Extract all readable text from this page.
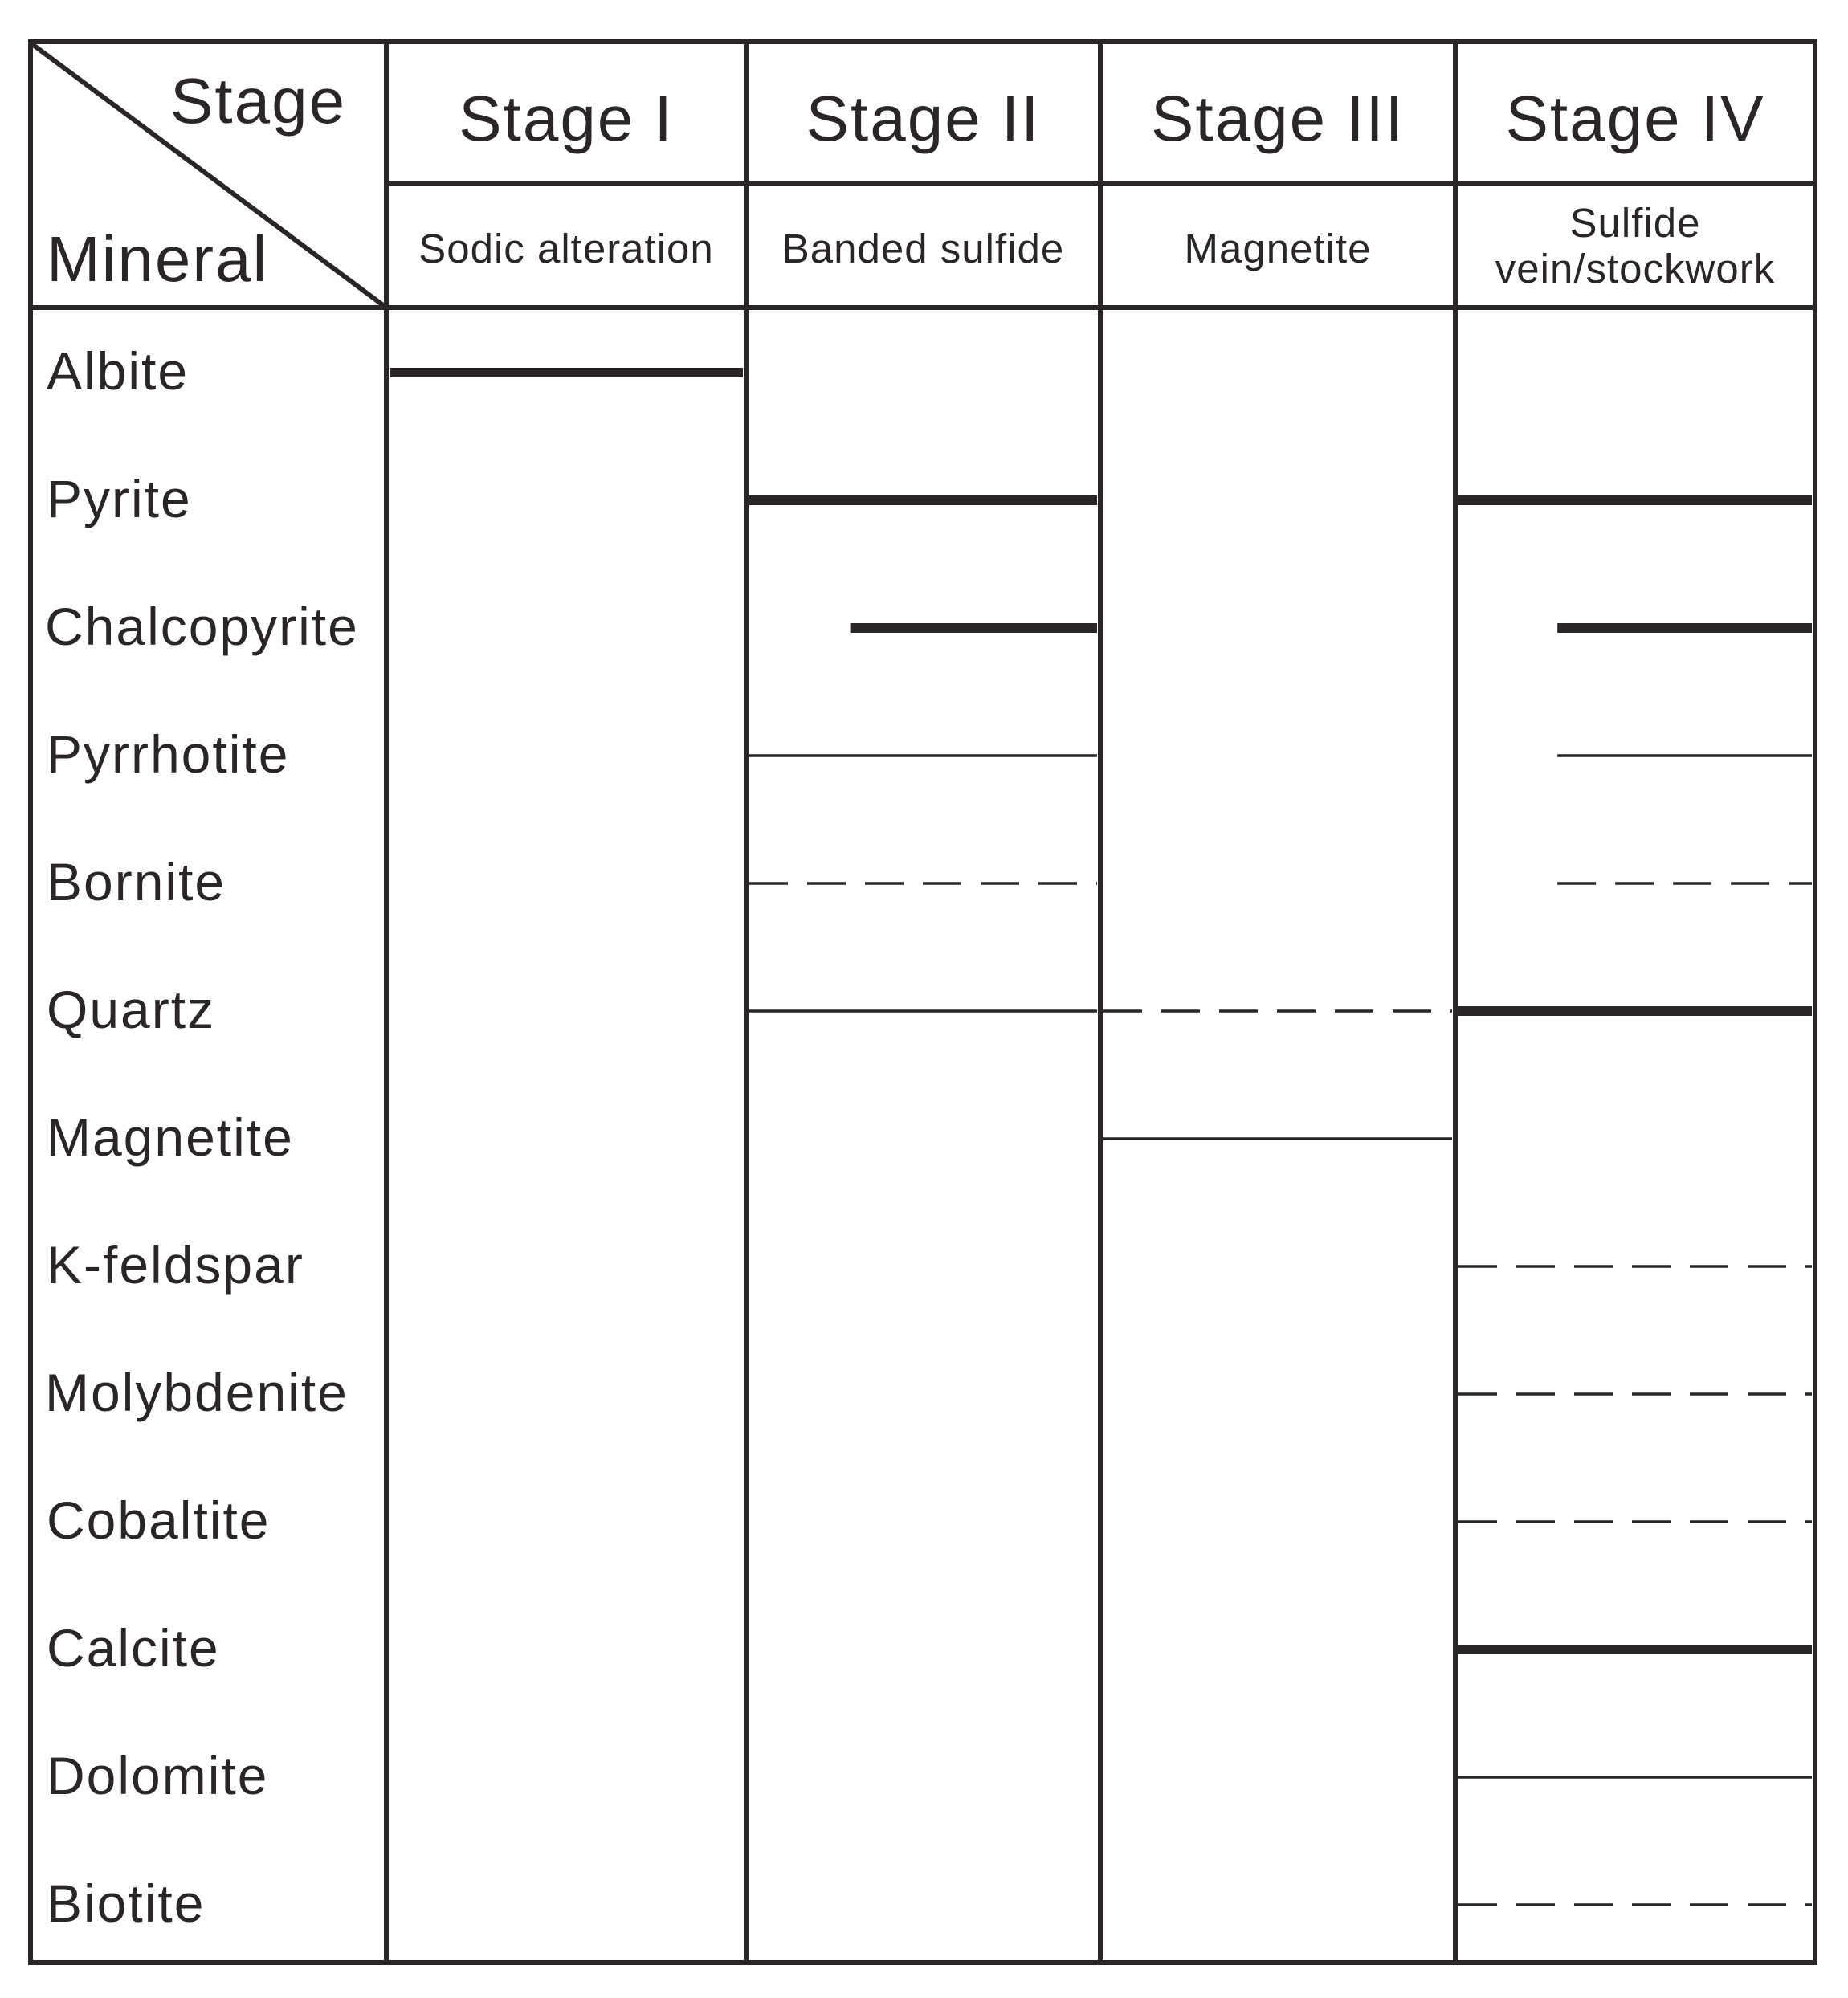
Stage
Mineral
Stage I
Sodic alteration
Stage II
Banded sulfide
Stage III
Magnetite
Stage IV
Sulfide
vein/stockwork
Albite
Pyrite
Chalcopyrite
Pyrrhotite
Bornite
Quartz
Magnetite
K-feldspar
Molybdenite
Cobaltite
Calcite
Dolomite
Biotite
